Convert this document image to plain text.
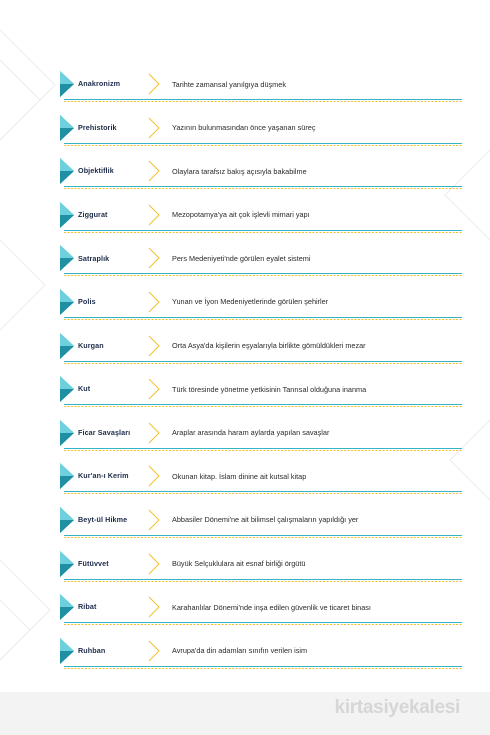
Anakronizm	Tarihte zamansal yanılgıya düşmek
Prehistorik	Yazının bulunmasından önce yaşanan süreç
Objektiflik	Olaylara tarafsız bakış açısıyla bakabilme
Ziggurat	Mezopotamya'ya ait çok işlevli mimari yapı
Satraplık	Pers Medeniyeti'nde görülen eyalet sistemi
Polis	Yunan ve İyon Medeniyetlerinde görülen şehirler
Kurgan	Orta Asya'da kişilerin eşyalarıyla birlikte gömüldükleri mezar
Kut	Türk töresinde yönetme yetkisinin Tanrısal olduğuna inanma
Ficar Savaşları	Araplar arasında haram aylarda yapılan savaşlar
Kur'an-ı Kerim	Okunan kitap. İslam dinine ait kutsal kitap
Beyt-ül Hikme	Abbasiler Dönemi'ne ait bilimsel çalışmaların yapıldığı yer
Fütüvvet	Büyük Selçuklulara ait esnaf birliği örgütü
Ribat	Karahanlılar Dönemi'nde inşa edilen güvenlik ve ticaret binası
Ruhban	Avrupa'da din adamları sınıfın verilen isim
kirtasiyekalesi
